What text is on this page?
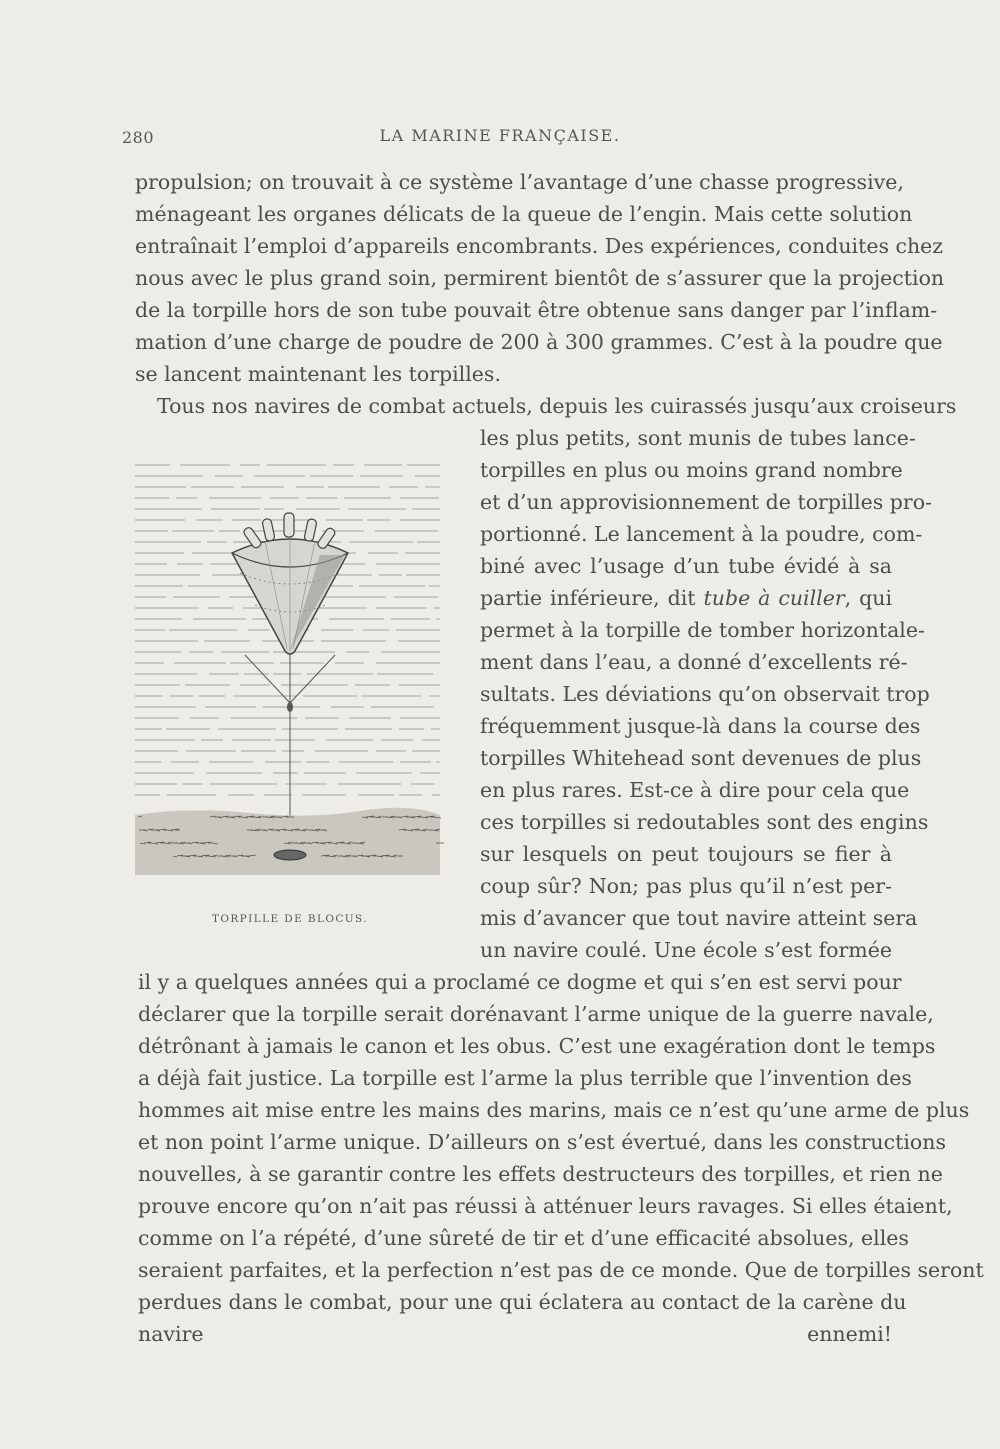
280	LA MARINE FRANÇAISE.
propulsion; on trouvait à ce système l’avantage d’une chasse progressive,
ménageant les organes délicats de la queue de l’engin. Mais cette solution
entraînait l’emploi d’appareils encombrants. Des expériences, conduites chez
nous avec le plus grand soin, permirent bientôt de s’assurer que la projection
de la torpille hors de son tube pouvait être obtenue sans danger par l’inflam-
mation d’une charge de poudre de 200 à 300 grammes. C’est à la poudre que
se lancent maintenant les torpilles.
Tous nos navires de combat actuels, depuis les cuirassés jusqu’aux croiseurs
les plus petits, sont munis de tubes lance-
torpilles en plus ou moins grand nombre
et d’un approvisionnement de torpilles pro-
portionné. Le lancement à la poudre, com-
biné avec l’usage d’un tube évidé à sa
partie inférieure, dit tube à cuiller, qui
permet à la torpille de tomber horizontale-
ment dans l’eau, a donné d’excellents ré-
sultats. Les déviations qu’on observait trop
fréquemment jusque-là dans la course des
torpilles Whitehead sont devenues de plus
en plus rares. Est-ce à dire pour cela que
ces torpilles si redoutables sont des engins
sur lesquels on peut toujours se fier à
coup sûr? Non; pas plus qu’il n’est per-
mis d’avancer que tout navire atteint sera
un navire coulé. Une école s’est formée
il y a quelques années qui a proclamé ce dogme et qui s’en est servi pour
déclarer que la torpille serait dorénavant l’arme unique de la guerre navale,
détrônant à jamais le canon et les obus. C’est une exagération dont le temps
a déjà fait justice. La torpille est l’arme la plus terrible que l’invention des
hommes ait mise entre les mains des marins, mais ce n’est qu’une arme de plus
et non point l’arme unique. D’ailleurs on s’est évertué, dans les constructions
nouvelles, à se garantir contre les effets destructeurs des torpilles, et rien ne
prouve encore qu’on n’ait pas réussi à atténuer leurs ravages. Si elles étaient,
comme on l’a répété, d’une sûreté de tir et d’une efficacité absolues, elles
seraient parfaites, et la perfection n’est pas de ce monde. Que de torpilles seront
perdues dans le combat, pour une qui éclatera au contact de la carène du
navire ennemi!
TORPILLE DE BLOCUS.
